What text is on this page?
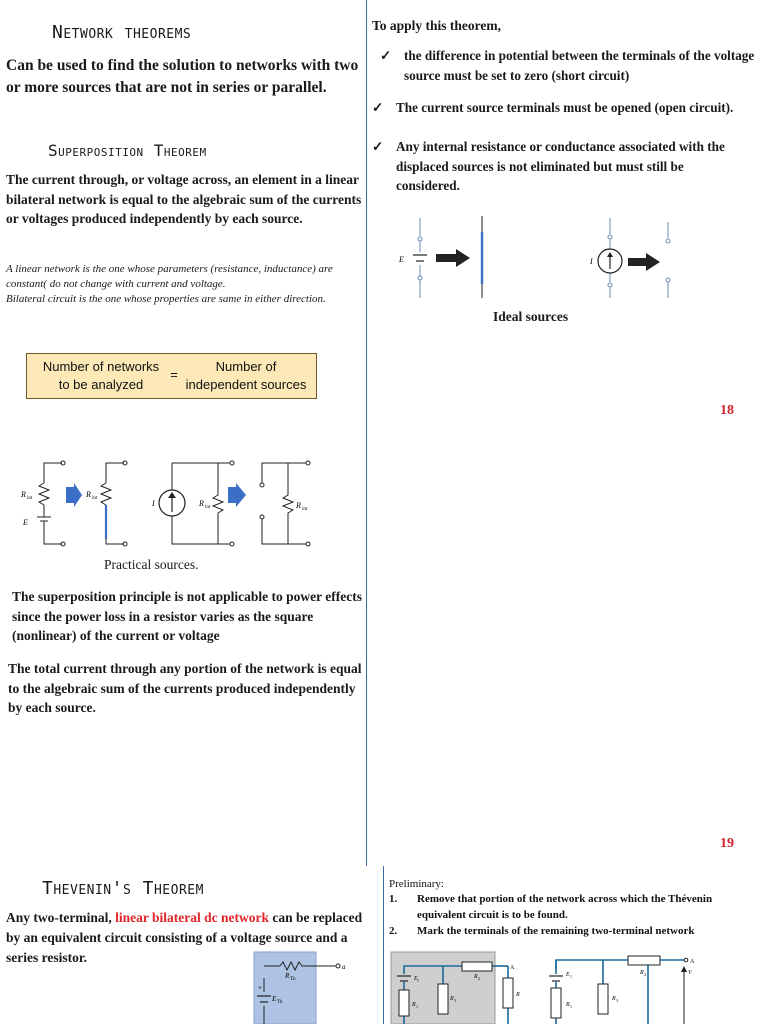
Network theorems
Can be used to find the solution to networks with two or more sources that are not in series or parallel.
Superposition Theorem
The current through, or voltage across, an element in a linear bilateral network is equal to the algebraic sum of the currents or voltages produced independently by each source.
A linear network is the one whose parameters (resistance, inductance) are constant( do not change with current and voltage.
Bilateral circuit is the one whose properties are same in either direction.
Number of networks
to be analyzed
=
Number of
independent sources
R int
E
R int
I	R int	R int
Practical sources.
The superposition principle is not applicable to power effects since the power loss in a resistor varies as the square (nonlinear) of the current or voltage
The total current through any portion of the network is equal to the algebraic sum of the currents produced independently by each source.
To apply this theorem,
✓ the difference in potential between the terminals of the voltage source must be set to zero (short circuit)
✓ The current source terminals must be opened (open circuit).
✓ Any internal resistance or conductance associated with the displaced sources is not eliminated but must still be considered.
E	I
Ideal sources
18
19
Thevenin's Theorem
Any two-terminal, linear bilateral dc network can be replaced by an equivalent circuit consisting of a voltage source and a series resistor.
R Th
E Th
+
a
Preliminary:
1.	Remove that portion of the network across which the Thévenin equivalent circuit is to be found.
2.	Mark the terminals of the remaining two-terminal network
E 1
R 1
R 3
R 2
R
A
E 1
R 1
R 3
R 2
A
V
